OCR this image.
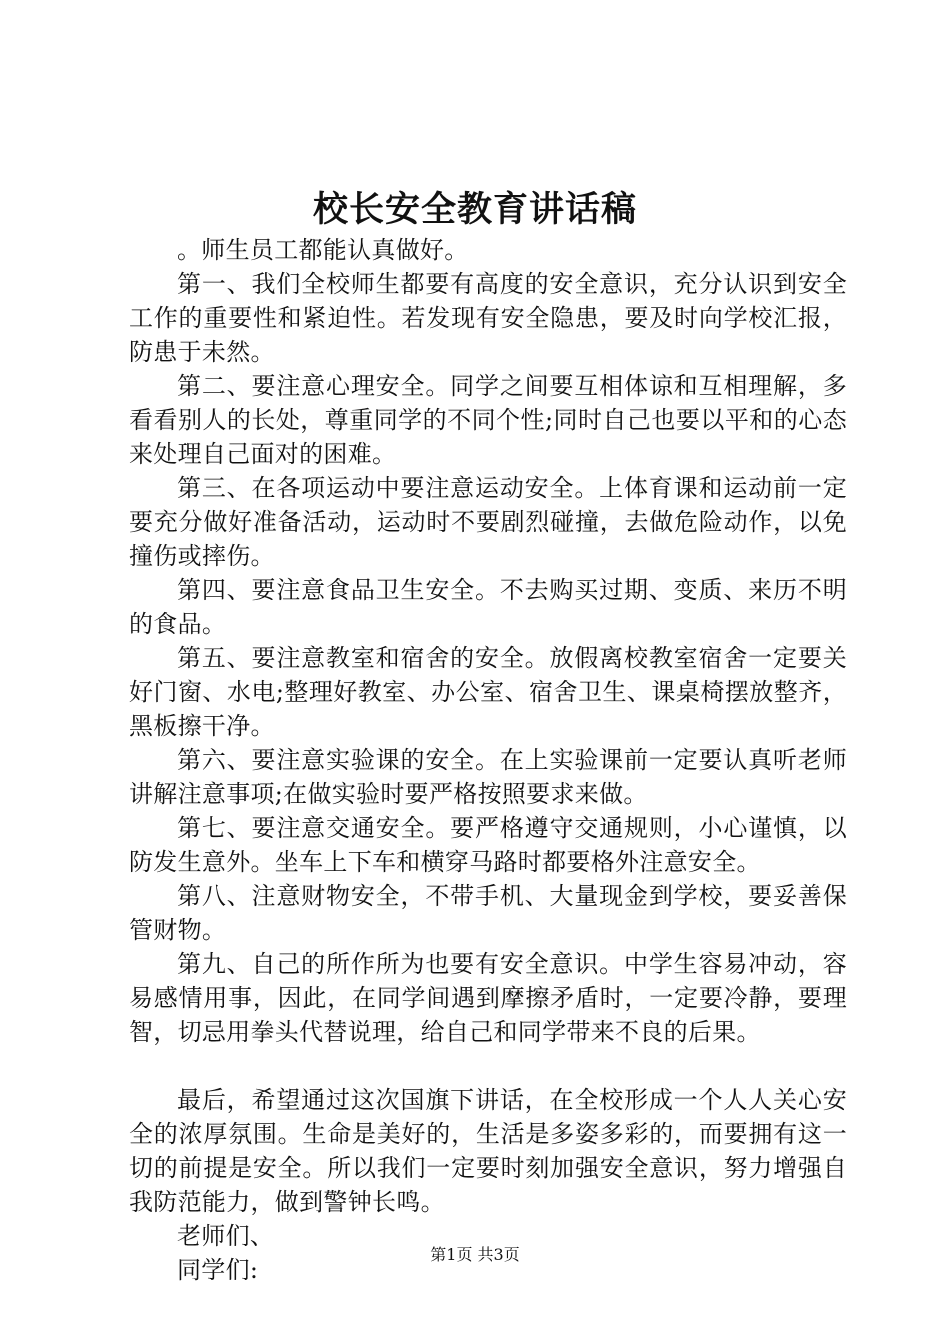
校长安全教育讲话稿

。师生员工都能认真做好。

第一、我们全校师生都要有高度的安全意识，充分认识到安全工作的重要性和紧迫性。若发现有安全隐患，要及时向学校汇报，防患于未然。

第二、要注意心理安全。同学之间要互相体谅和互相理解，多看看别人的长处，尊重同学的不同个性;同时自己也要以平和的心态来处理自己面对的困难。

第三、在各项运动中要注意运动安全。上体育课和运动前一定要充分做好准备活动，运动时不要剧烈碰撞，去做危险动作，以免撞伤或摔伤。

第四、要注意食品卫生安全。不去购买过期、变质、来历不明的食品。

第五、要注意教室和宿舍的安全。放假离校教室宿舍一定要关好门窗、水电;整理好教室、办公室、宿舍卫生、课桌椅摆放整齐，黑板擦干净。

第六、要注意实验课的安全。在上实验课前一定要认真听老师讲解注意事项;在做实验时要严格按照要求来做。

第七、要注意交通安全。要严格遵守交通规则，小心谨慎，以防发生意外。坐车上下车和横穿马路时都要格外注意安全。

第八、注意财物安全，不带手机、大量现金到学校，要妥善保管财物。

第九、自己的所作所为也要有安全意识。中学生容易冲动，容易感情用事，因此，在同学间遇到摩擦矛盾时，一定要冷静，要理智，切忌用拳头代替说理，给自己和同学带来不良的后果。

最后，希望通过这次国旗下讲话，在全校形成一个人人关心安全的浓厚氛围。生命是美好的，生活是多姿多彩的，而要拥有这一切的前提是安全。所以我们一定要时刻加强安全意识，努力增强自我防范能力，做到警钟长鸣。

老师们、

同学们:

第1页 共3页
